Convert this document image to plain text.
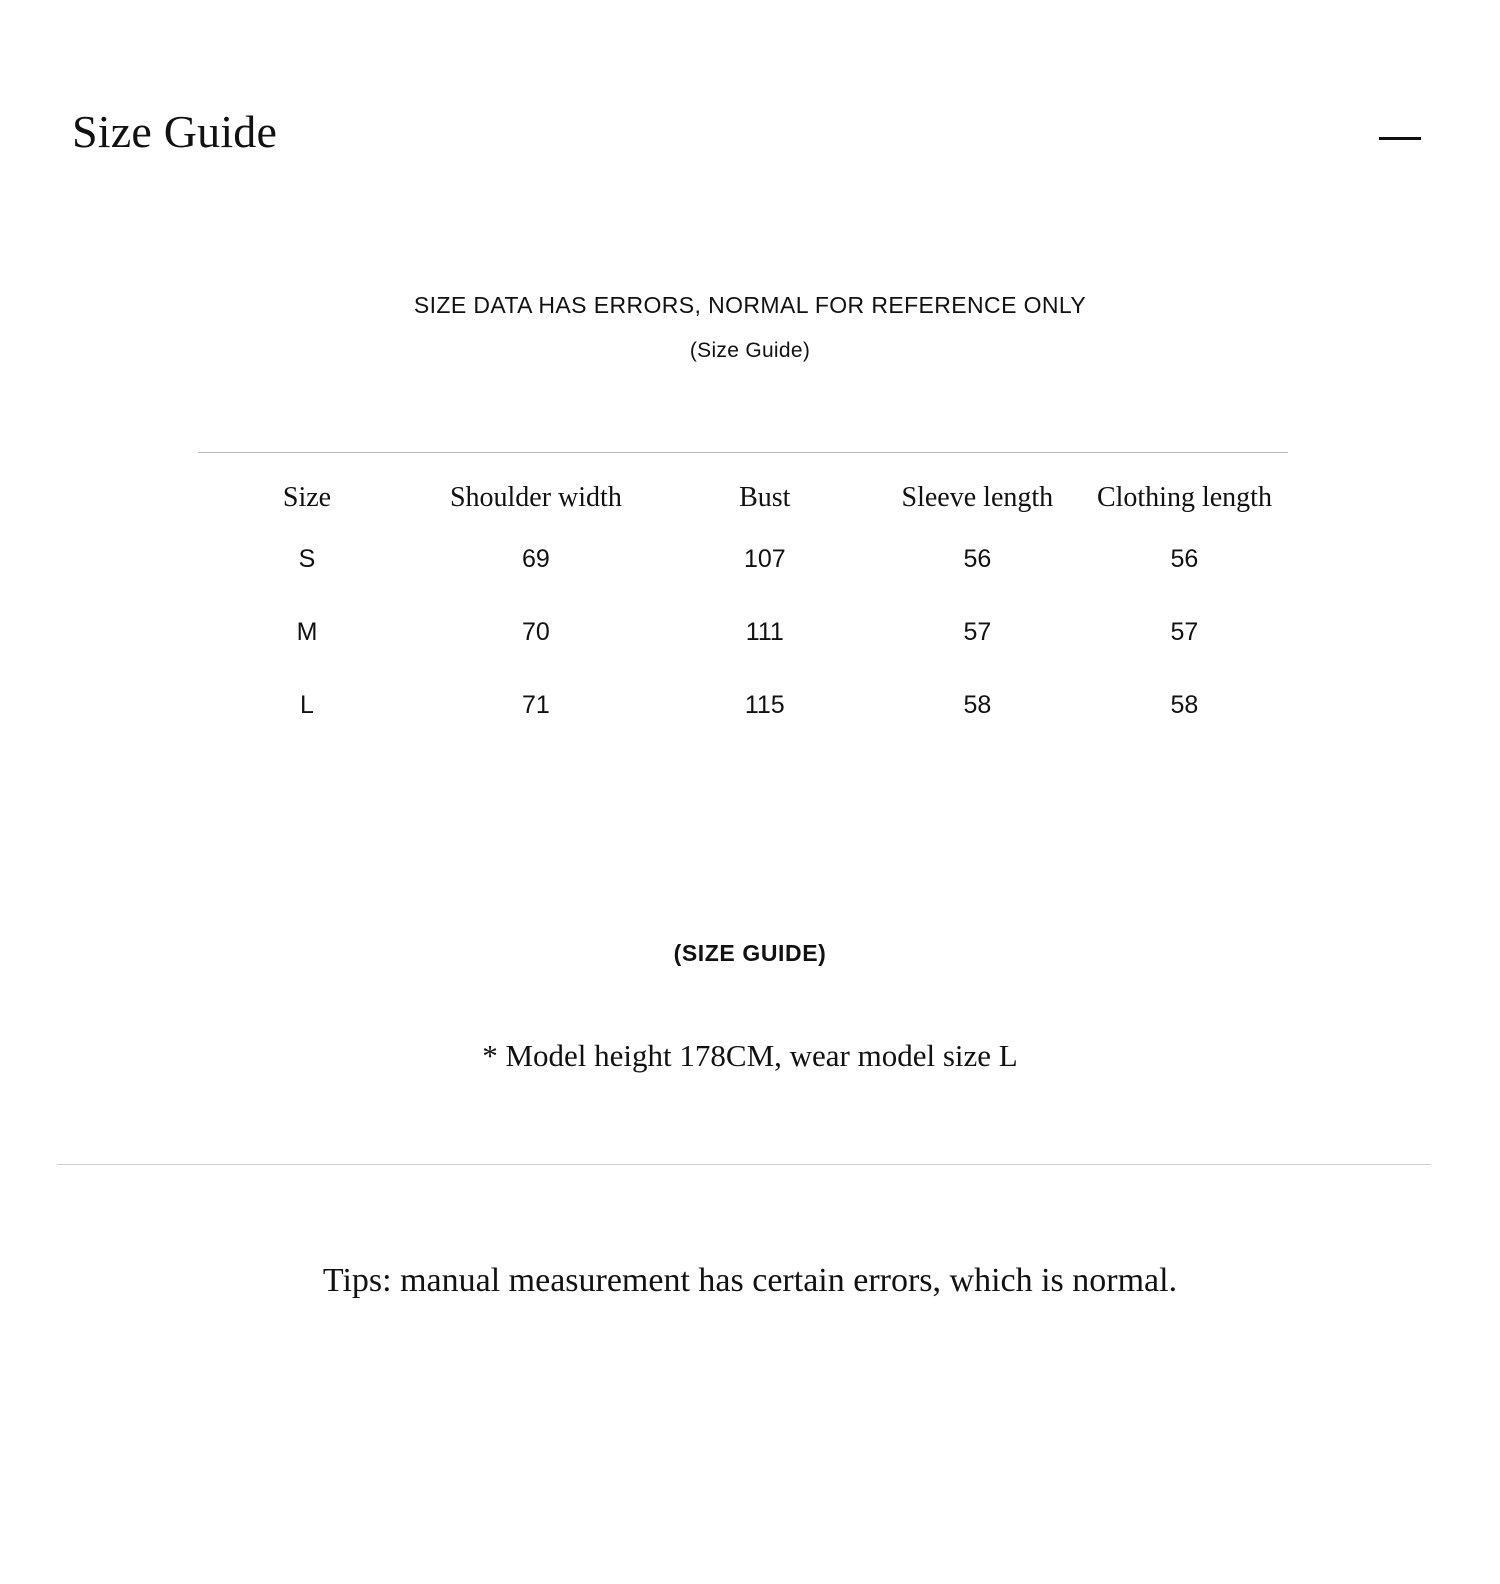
Size Guide
SIZE DATA HAS ERRORS, NORMAL FOR REFERENCE ONLY
(Size Guide)
Size	Shoulder width	Bust	Sleeve length	Clothing length
S	69	107	56	56
M	70	111	57	57
L	71	115	58	58
(SIZE GUIDE)
* Model height 178CM, wear model size L
Tips: manual measurement has certain errors, which is normal.
